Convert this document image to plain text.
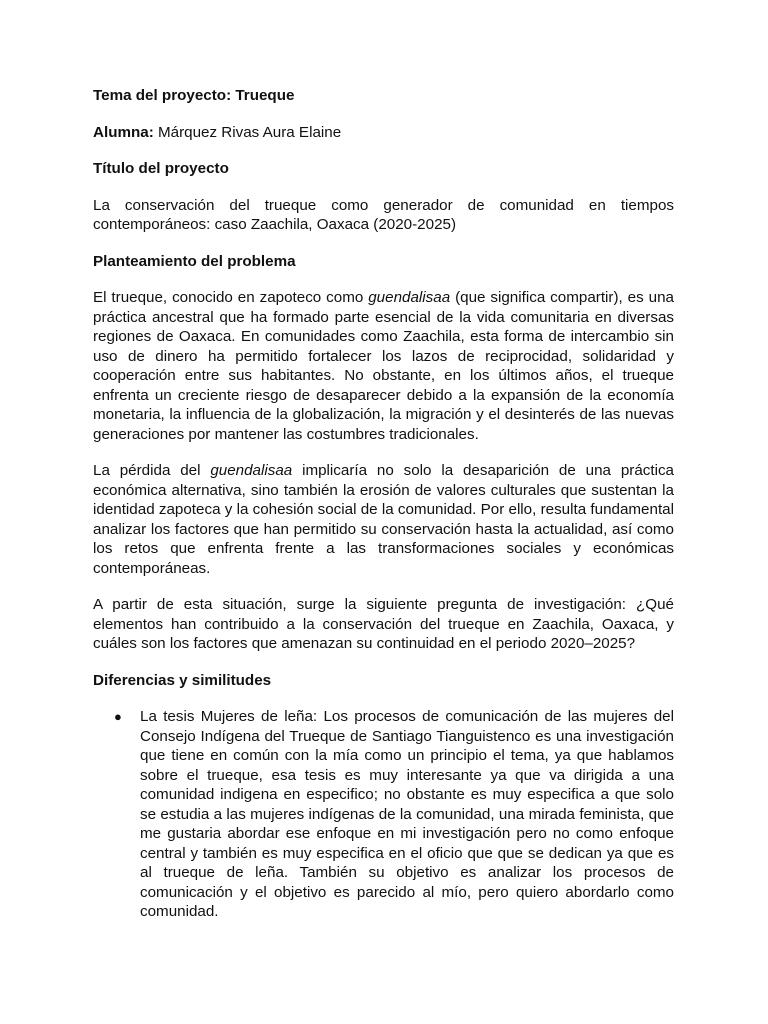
Tema del proyecto: Trueque

Alumna: Márquez Rivas Aura Elaine

Título del proyecto

La conservación del trueque como generador de comunidad en tiempos contemporáneos: caso Zaachila, Oaxaca (2020-2025)

Planteamiento del problema

El trueque, conocido en zapoteco como guendalisaa (que significa compartir), es una práctica ancestral que ha formado parte esencial de la vida comunitaria en diversas regiones de Oaxaca. En comunidades como Zaachila, esta forma de intercambio sin uso de dinero ha permitido fortalecer los lazos de reciprocidad, solidaridad y cooperación entre sus habitantes. No obstante, en los últimos años, el trueque enfrenta un creciente riesgo de desaparecer debido a la expansión de la economía monetaria, la influencia de la globalización, la migración y el desinterés de las nuevas generaciones por mantener las costumbres tradicionales.

La pérdida del guendalisaa implicaría no solo la desaparición de una práctica económica alternativa, sino también la erosión de valores culturales que sustentan la identidad zapoteca y la cohesión social de la comunidad. Por ello, resulta fundamental analizar los factores que han permitido su conservación hasta la actualidad, así como los retos que enfrenta frente a las transformaciones sociales y económicas contemporáneas.

A partir de esta situación, surge la siguiente pregunta de investigación: ¿Qué elementos han contribuido a la conservación del trueque en Zaachila, Oaxaca, y cuáles son los factores que amenazan su continuidad en el periodo 2020–2025?

Diferencias y similitudes

● La tesis Mujeres de leña: Los procesos de comunicación de las mujeres del Consejo Indígena del Trueque de Santiago Tianguistenco es una investigación que tiene en común con la mía como un principio el tema, ya que hablamos sobre el trueque, esa tesis es muy interesante ya que va dirigida a una comunidad indigena en especifico; no obstante es muy especifica a que solo se estudia a las mujeres indígenas de la comunidad, una mirada feminista, que me gustaria abordar ese enfoque en mi investigación pero no como enfoque central y también es muy especifica en el oficio que que se dedican ya que es al trueque de leña. También su objetivo es analizar los procesos de comunicación y el objetivo es parecido al mío, pero quiero abordarlo como comunidad.
